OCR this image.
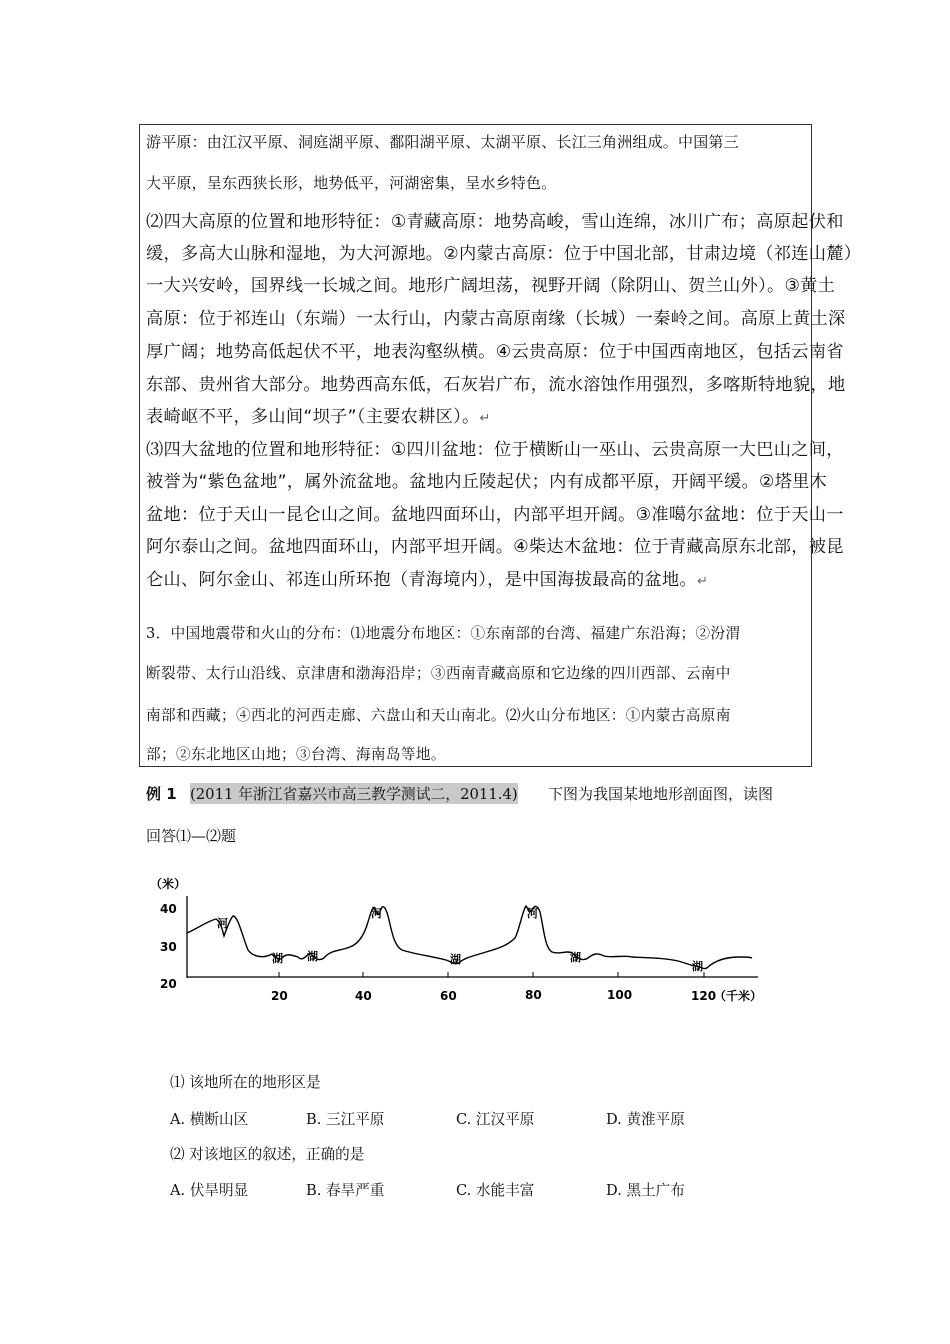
游平原：由江汉平原、洞庭湖平原、鄱阳湖平原、太湖平原、长江三角洲组成。中国第三
大平原，呈东西狭长形，地势低平，河湖密集，呈水乡特色。
⑵四大高原的位置和地形特征：①青藏高原：地势高峻，雪山连绵，冰川广布；高原起伏和
缓，多高大山脉和湿地，为大河源地。②内蒙古高原：位于中国北部，甘肃边境（祁连山麓）
一大兴安岭，国界线一长城之间。地形广阔坦荡，视野开阔（除阴山、贺兰山外）。③黄土
高原：位于祁连山（东端）一太行山，内蒙古高原南缘（长城）一秦岭之间。高原上黄土深
厚广阔；地势高低起伏不平，地表沟壑纵横。④云贵高原：位于中国西南地区，包括云南省
东部、贵州省大部分。地势西高东低，石灰岩广布，流水溶蚀作用强烈，多喀斯特地貌，地
表崎岖不平，多山间“坝子”（主要农耕区）。↵
⑶四大盆地的位置和地形特征：①四川盆地：位于横断山一巫山、云贵高原一大巴山之间，
被誉为“紫色盆地”，属外流盆地。盆地内丘陵起伏；内有成都平原，开阔平缓。②塔里木
盆地：位于天山一昆仑山之间。盆地四面环山，内部平坦开阔。③准噶尔盆地：位于天山一
阿尔泰山之间。盆地四面环山，内部平坦开阔。④柴达木盆地：位于青藏高原东北部，被昆
仑山、阿尔金山、祁连山所环抱（青海境内），是中国海拔最高的盆地。↵
3．中国地震带和火山的分布：⑴地震分布地区：①东南部的台湾、福建广东沿海；②汾渭
断裂带、太行山沿线、京津唐和渤海沿岸；③西南青藏高原和它边缘的四川西部、云南中
南部和西藏；④西北的河西走廊、六盘山和天山南北。⑵火山分布地区：①内蒙古高原南
部；②东北地区山地；③台湾、海南岛等地。
例 1 (2011 年浙江省嘉兴市高三教学测试二，2011.4) 下图为我国某地地形剖面图，读图
回答⑴—⑵题
（米）
40
30
20
20	40	60	80	100	120
（千米）
河
河	河
湖 湖	湖	湖
湖
⑴ 该地所在的地形区是
A. 横断山区	B. 三江平原	C. 江汉平原	D. 黄淮平原
⑵ 对该地区的叙述，正确的是
A. 伏旱明显	B. 春旱严重	C. 水能丰富	D. 黑土广布
